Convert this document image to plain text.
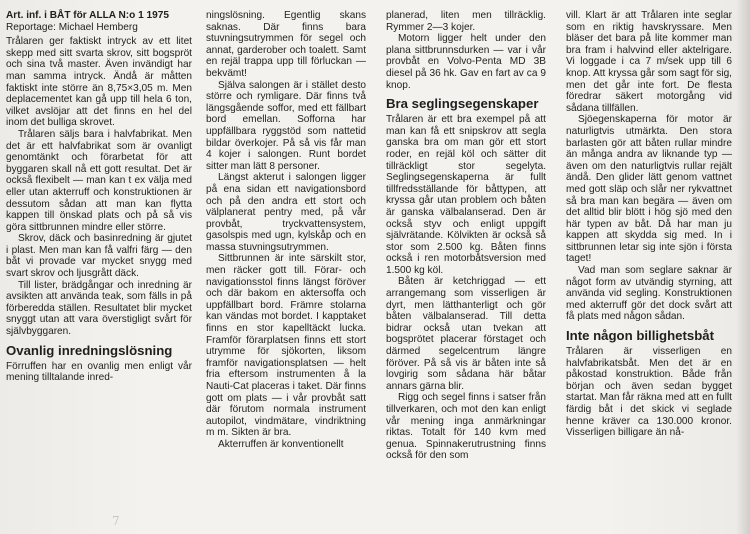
Art. inf. i BÅT för ALLA N:o 1 1975
Reportage: Michael Hemberg

Trålaren ger faktiskt intryck av ett litet skepp med sitt svarta skrov, sitt bogspröt och sina två master. Även invändigt har man samma intryck. Ändå är måtten faktiskt inte större än 8,75×3,05 m. Men deplacementet kan gå upp till hela 6 ton, vilket avslöjar att det finns en hel del inom det bulliga skrovet.

Trålaren säljs bara i halvfabrikat. Men det är ett halvfabrikat som är ovanligt genomtänkt och förarbetat för att byggaren skall nå ett gott resultat. Det är också flexibelt — man kan t ex välja med eller utan akterruff och konstruktionen är dessutom sådan att man kan flytta kappen till önskad plats och på så vis göra sittbrunnen mindre eller större.

Skrov, däck och basinredning är gjutet i plast. Men man kan få valfri färg — den båt vi provade var mycket snygg med svart skrov och ljusgrått däck.

Till lister, brädgångar och inredning är avsikten att använda teak, som fälls in på förberedda ställen. Resultatet blir mycket snyggt utan att vara överstigligt svårt för självbyggaren.

Ovanlig inredningslösning

Förruffen har en ovanlig men enligt vår mening tilltalande inred-

ningslösning. Egentlig skans saknas. Där finns bara stuvningsutrymmen för segel och annat, garderober och toalett. Samt en rejäl trappa upp till förluckan — bekvämt!

Själva salongen är i stället desto större och rymligare. Där finns två längsgående soffor, med ett fällbart bord emellan. Sofforna har uppfällbara ryggstöd som nattetid bildar överkojer. På så vis får man 4 kojer i salongen. Runt bordet sitter man lätt 8 personer.

Längst akterut i salongen ligger på ena sidan ett navigationsbord och på den andra ett stort och välplanerat pentry med, på vår provbåt, tryckvattensystem, gasolspis med ugn, kylskåp och en massa stuvningsutrymmen.

Sittbrunnen är inte särskilt stor, men räcker gott till. Förar- och navigationsstol finns längst föröver och där bakom en aktersoffa och uppfällbart bord. Främre stolarna kan vändas mot bordet. I kapptaket finns en stor kapelltäckt lucka. Framför förarplatsen finns ett stort utrymme för sjökorten, liksom framför navigationsplatsen — helt fria eftersom instrumenten å la Nauti-Cat placeras i taket. Där finns gott om plats — i vår provbåt satt där förutom normala instrument autopilot, vindmätare, vindriktning m m. Sikten är bra.

Akterruffen är konventionellt

planerad, liten men tillräcklig. Rymmer 2—3 kojer.

Motorn ligger helt under den plana sittbrunnsdurken — var i vår provbåt en Volvo-Penta MD 3B diesel på 36 hk. Gav en fart av ca 9 knop.

Bra seglingsegenskaper

Trålaren är ett bra exempel på att man kan få ett snipskrov att segla ganska bra om man gör ett stort roder, en rejäl köl och sätter dit tillräckligt stor segelyta. Seglingsegenskaperna är fullt tillfredsställande för båttypen, att kryssa går utan problem och båten är ganska välbalanserad. Den är också styv och enligt uppgift självrätande. Kölvikten är också så stor som 2.500 kg. Båten finns också i ren motorbåtsversion med 1.500 kg köl.

Båten är ketchriggad — ett arrangemang som visserligen är dyrt, men lätthanterligt och gör båten välbalanserad. Till detta bidrar också utan tvekan att bogsprötet placerar förstaget och därmed segelcentrum längre föröver. På så vis är båten inte så lovgirig som sådana här båtar annars gärna blir.

Rigg och segel finns i satser från tillverkaren, och mot den kan enligt vår mening inga anmärkningar riktas. Totalt för 140 kvm med genua. Spinnakerutrustning finns också för den som

vill. Klart är att Trålaren inte seglar som en riktig havskryssare. Men bläser det bara på lite kommer man bra fram i halvvind eller aktelrigare. Vi loggade i ca 7 m/sek upp till 6 knop. Att kryssa går som sagt för sig, men det går inte fort. De flesta föredrar säkert motorgång vid sådana tillfällen.

Sjöegenskaperna för motor är naturligtvis utmärkta. Den stora barlasten gör att båten rullar mindre än många andra av liknande typ — även om den naturligtvis rullar rejält ändå. Den glider lätt genom vattnet med gott släp och slår ner rykvattnet så bra man kan begära — även om det alltid blir blött i hög sjö med den här typen av båt. Då har man ju kappen att skydda sig med. In i sittbrunnen letar sig inte sjön i första taget!

Vad man som seglare saknar är något form av utvändig styrning, att använda vid segling. Konstruktionen med akterruff gör det dock svårt att få plats med någon sådan.

Inte någon billighetsbåt

Trålaren är visserligen en halvfabrikatsbåt. Men det är en påkostad konstruktion. Både från början och även sedan bygget startat. Man får räkna med att en fullt färdig båt i det skick vi seglade henne kräver ca 130.000 kronor. Visserligen billigare än nå-

7
